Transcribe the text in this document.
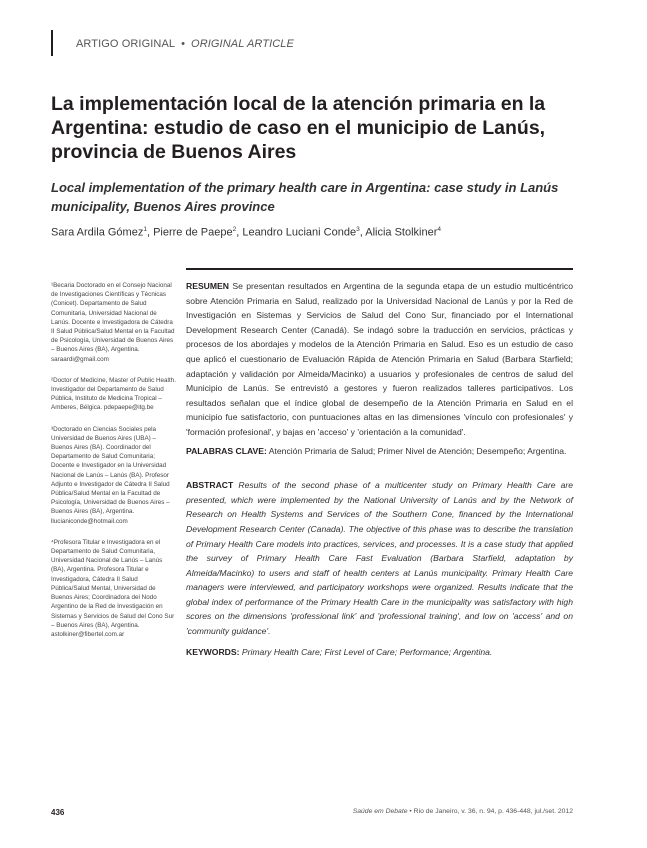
ARTIGO ORIGINAL • ORIGINAL ARTICLE
La implementación local de la atención primaria en la Argentina: estudio de caso en el municipio de Lanús, provincia de Buenos Aires
Local implementation of the primary health care in Argentina: case study in Lanús municipality, Buenos Aires province
Sara Ardila Gómez$^1$, Pierre de Paepe$^2$, Leandro Luciani Conde$^3$, Alicia Stolkiner$^4$

¹Becaria Doctorado en el Consejo Nacional de Investigaciones Científicas y Técnicas (Conicet). Departamento de Salud Comunitaria, Universidad Nacional de Lanús. Docente e Investigadora de Cátedra II Salud Pública/Salud Mental en la Facultad de Psicología, Universidad de Buenos Aires – Buenos Aires (BA), Argentina. saraardi@gmail.com

²Doctor of Medicine, Master of Public Health. Investigador del Departamento de Salud Pública, Instituto de Medicina Tropical – Amberes, Bélgica. pdepaepe@itg.be

³Doctorado en Ciencias Sociales pela Universidad de Buenos Aires (UBA) – Buenos Aires (BA). Coordinador del Departamento de Salud Comunitaria; Docente e Investigador en la Universidad Nacional de Lanús – Lanús (BA). Profesor Adjunto e Investigador de Cátedra II Salud Pública/Salud Mental en la Facultad de Psicología, Universidad de Buenos Aires – Buenos Aires (BA), Argentina. llucianiconde@hotmail.com

⁴Profesora Titular e Investigadora en el Departamento de Salud Comunitaria, Universidad Nacional de Lanús – Lanús (BA), Argentina. Profesora Titular e Investigadora, Cátedra II Salud Pública/Salud Mental, Universidad de Buenos Aires; Coordinadora del Nodo Argentino de la Red de Investigación en Sistemas y Servicios de Salud del Cono Sur – Buenos Aires (BA), Argentina. astolkiner@fibertel.com.ar

RESUMEN Se presentan resultados en Argentina de la segunda etapa de un estudio multicéntrico sobre Atención Primaria en Salud, realizado por la Universidad Nacional de Lanús y por la Red de Investigación en Sistemas y Servicios de Salud del Cono Sur, financiado por el International Development Research Center (Canadá). Se indagó sobre la traducción en servicios, prácticas y procesos de los abordajes y modelos de la Atención Primaria en Salud. Eso es un estudio de caso que aplicó el cuestionario de Evaluación Rápida de Atención Primaria en Salud (Barbara Starfield; adaptación y validación por Almeida/Macinko) a usuarios y profesionales de centros de salud del Municipio de Lanús. Se entrevistó a gestores y fueron realizados talleres participativos. Los resultados señalan que el índice global de desempeño de la Atención Primaria en Salud en el municipio fue satisfactorio, con puntuaciones altas en las dimensiones 'vínculo con profesionales' y 'formación profesional', y bajas en 'acceso' y 'orientación a la comunidad'.

PALABRAS CLAVE: Atención Primaria de Salud; Primer Nivel de Atención; Desempeño; Argentina.

ABSTRACT Results of the second phase of a multicenter study on Primary Health Care are presented, which were implemented by the National University of Lanús and by the Network of Research on Health Systems and Services of the Southern Cone, financed by the International Development Research Center (Canada). The objective of this phase was to describe the translation of Primary Health Care models into practices, services, and processes. It is a case study that applied the survey of Primary Health Care Fast Evaluation (Barbara Starfield, adaptation by Almeida/Macinko) to users and staff of health centers at Lanús municipality. Primary Health Care managers were interviewed, and participatory workshops were organized. Results indicate that the global index of performance of the Primary Health Care in the municipality was satisfactory with high scores on the dimensions 'professional link' and 'professional training', and low on 'access' and on 'community guidance'.

KEYWORDS: Primary Health Care; First Level of Care; Performance; Argentina.

436	Saúde em Debate • Rio de Janeiro, v. 36, n. 94, p. 436-448, jul./set. 2012
